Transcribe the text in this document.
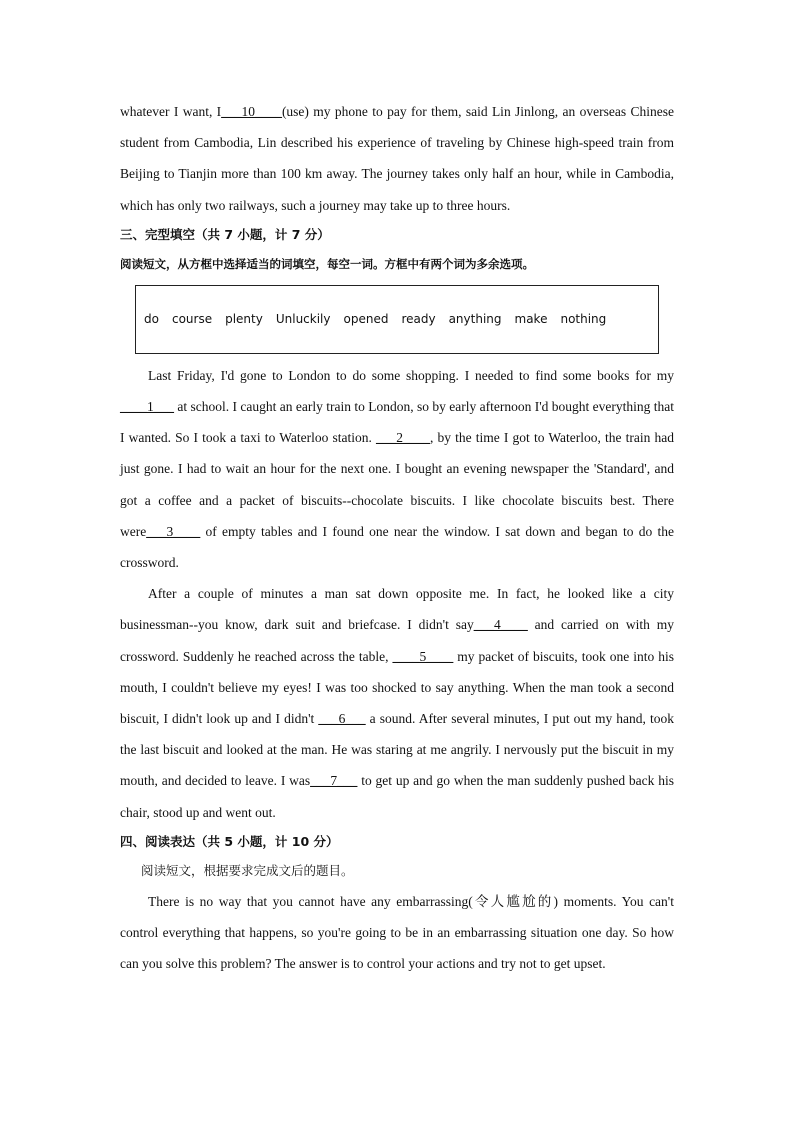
whatever I want, I___10____(use) my phone to pay for them, said Lin Jinlong, an overseas Chinese student from Cambodia, Lin described his experience of traveling by Chinese high-speed train from Beijing to Tianjin more than 100 km away. The journey takes only half an hour, while in Cambodia, which has only two railways, such a journey may take up to three hours.

三、完型填空（共 7 小题，计 7 分）

阅读短文，从方框中选择适当的词填空，每空一词。方框中有两个词为多余选项。

do course plenty Unluckily opened ready anything make nothing

Last Friday, I'd gone to London to do some shopping. I needed to find some books for my ____1___ at school. I caught an early train to London, so by early afternoon I'd bought everything that I wanted. So I took a taxi to Waterloo station. ___2____, by the time I got to Waterloo, the train had just gone. I had to wait an hour for the next one. I bought an evening newspaper the 'Standard', and got a coffee and a packet of biscuits--chocolate biscuits. I like chocolate biscuits best. There were___3____ of empty tables and I found one near the window. I sat down and began to do the crossword.

After a couple of minutes a man sat down opposite me. In fact, he looked like a city businessman--you know, dark suit and briefcase. I didn't say___4____ and carried on with my crossword. Suddenly he reached across the table, ____5____ my packet of biscuits, took one into his mouth, I couldn't believe my eyes! I was too shocked to say anything. When the man took a second biscuit, I didn't look up and I didn't ___6___ a sound. After several minutes, I put out my hand, took the last biscuit and looked at the man. He was staring at me angrily. I nervously put the biscuit in my mouth, and decided to leave. I was___7___ to get up and go when the man suddenly pushed back his chair, stood up and went out.

四、阅读表达（共 5 小题，计 10 分）

阅读短文，根据要求完成文后的题目。

There is no way that you cannot have any embarrassing(令人尴尬的) moments. You can't control everything that happens, so you're going to be in an embarrassing situation one day. So how can you solve this problem? The answer is to control your actions and try not to get upset.
